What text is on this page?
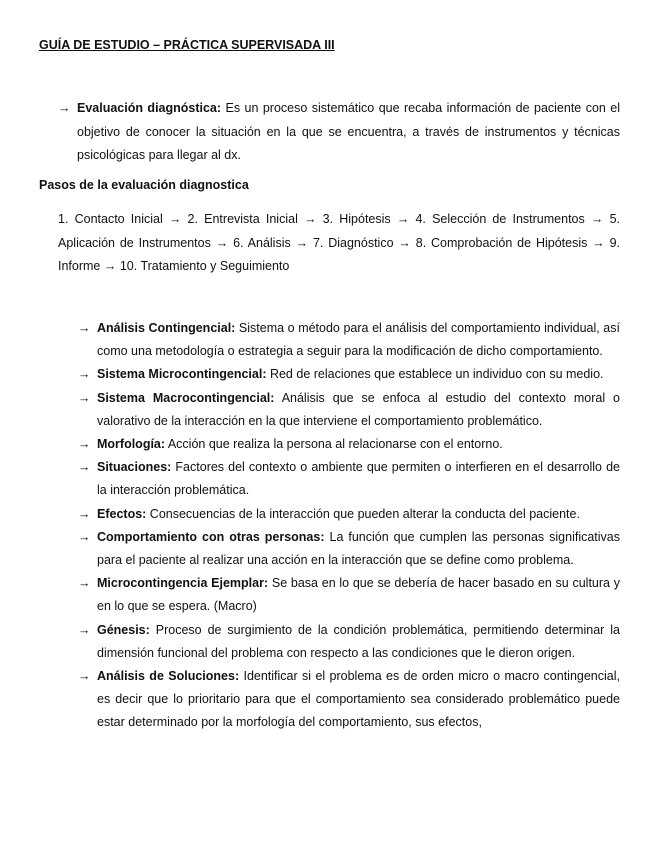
GUÍA DE ESTUDIO – PRÁCTICA SUPERVISADA III
→ Evaluación diagnóstica: Es un proceso sistemático que recaba información de paciente con el objetivo de conocer la situación en la que se encuentra, a través de instrumentos y técnicas psicológicas para llegar al dx.
Pasos de la evaluación diagnostica
1. Contacto Inicial → 2. Entrevista Inicial → 3. Hipótesis → 4. Selección de Instrumentos → 5. Aplicación de Instrumentos → 6. Análisis → 7. Diagnóstico → 8. Comprobación de Hipótesis → 9. Informe → 10. Tratamiento y Seguimiento
→ Análisis Contingencial: Sistema o método para el análisis del comportamiento individual, así como una metodología o estrategia a seguir para la modificación de dicho comportamiento.
→ Sistema Microcontingencial: Red de relaciones que establece un individuo con su medio.
→ Sistema Macrocontingencial: Análisis que se enfoca al estudio del contexto moral o valorativo de la interacción en la que interviene el comportamiento problemático.
→ Morfología: Acción que realiza la persona al relacionarse con el entorno.
→ Situaciones: Factores del contexto o ambiente que permiten o interfieren en el desarrollo de la interacción problemática.
→ Efectos: Consecuencias de la interacción que pueden alterar la conducta del paciente.
→ Comportamiento con otras personas: La función que cumplen las personas significativas para el paciente al realizar una acción en la interacción que se define como problema.
→ Microcontingencia Ejemplar: Se basa en lo que se debería de hacer basado en su cultura y en lo que se espera. (Macro)
→ Génesis: Proceso de surgimiento de la condición problemática, permitiendo determinar la dimensión funcional del problema con respecto a las condiciones que le dieron origen.
→ Análisis de Soluciones: Identificar si el problema es de orden micro o macro contingencial, es decir que lo prioritario para que el comportamiento sea considerado problemático puede estar determinado por la morfología del comportamiento, sus efectos,
